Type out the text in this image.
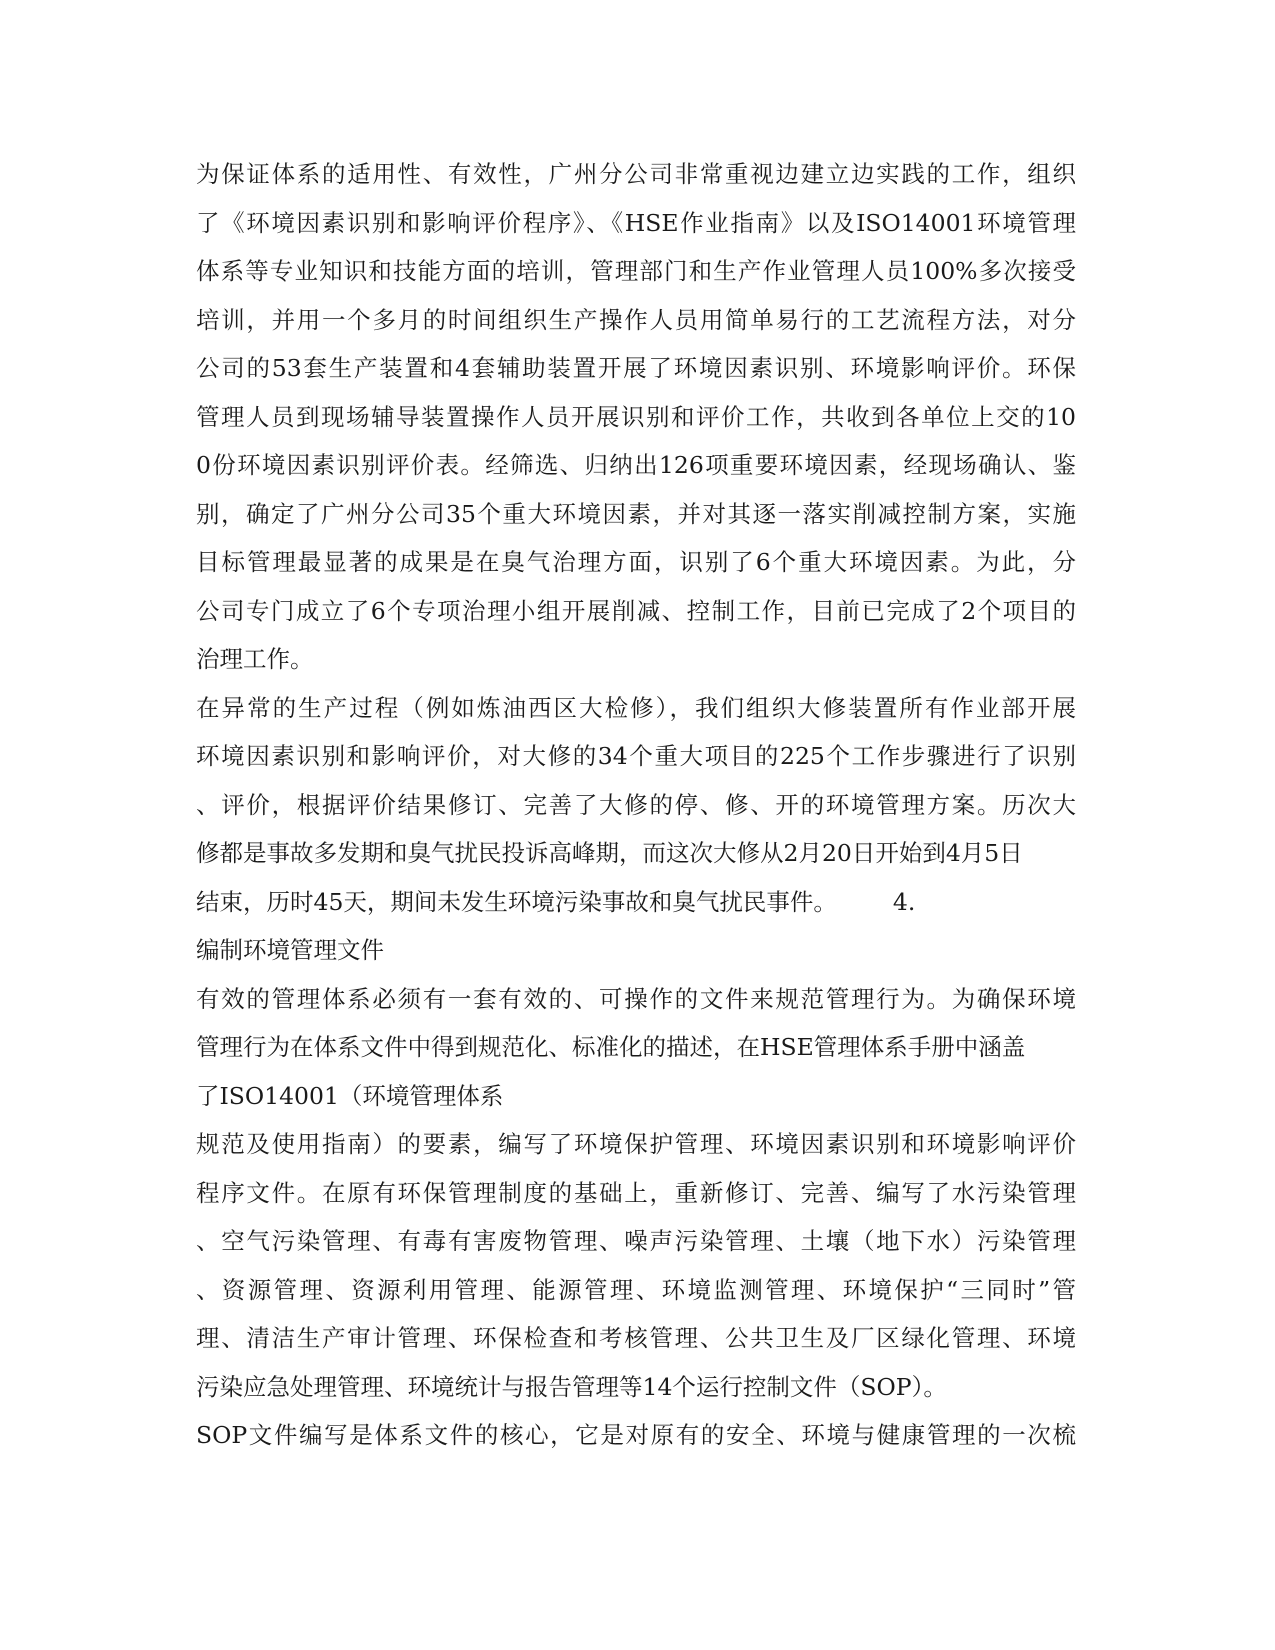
为保证体系的适用性、有效性，广州分公司非常重视边建立边实践的工作，组织
了《环境因素识别和影响评价程序》、《HSE作业指南》以及ISO14001环境管理
体系等专业知识和技能方面的培训，管理部门和生产作业管理人员100%多次接受
培训，并用一个多月的时间组织生产操作人员用简单易行的工艺流程方法，对分
公司的53套生产装置和4套辅助装置开展了环境因素识别、环境影响评价。环保
管理人员到现场辅导装置操作人员开展识别和评价工作，共收到各单位上交的10
0份环境因素识别评价表。经筛选、归纳出126项重要环境因素，经现场确认、鉴
别，确定了广州分公司35个重大环境因素，并对其逐一落实削减控制方案，实施
目标管理最显著的成果是在臭气治理方面，识别了6个重大环境因素。为此，分
公司专门成立了6个专项治理小组开展削减、控制工作，目前已完成了2个项目的
治理工作。
在异常的生产过程（例如炼油西区大检修），我们组织大修装置所有作业部开展
环境因素识别和影响评价，对大修的34个重大项目的225个工作步骤进行了识别
、评价，根据评价结果修订、完善了大修的停、修、开的环境管理方案。历次大
修都是事故多发期和臭气扰民投诉高峰期，而这次大修从2月20日开始到4月5日
结束，历时45天，期间未发生环境污染事故和臭气扰民事件。 4.
编制环境管理文件
有效的管理体系必须有一套有效的、可操作的文件来规范管理行为。为确保环境
管理行为在体系文件中得到规范化、标准化的描述，在HSE管理体系手册中涵盖
了ISO14001（环境管理体系
规范及使用指南）的要素，编写了环境保护管理、环境因素识别和环境影响评价
程序文件。在原有环保管理制度的基础上，重新修订、完善、编写了水污染管理
、空气污染管理、有毒有害废物管理、噪声污染管理、土壤（地下水）污染管理
、资源管理、资源利用管理、能源管理、环境监测管理、环境保护“三同时”管
理、清洁生产审计管理、环保检查和考核管理、公共卫生及厂区绿化管理、环境
污染应急处理管理、环境统计与报告管理等14个运行控制文件（SOP）。
SOP文件编写是体系文件的核心，它是对原有的安全、环境与健康管理的一次梳
